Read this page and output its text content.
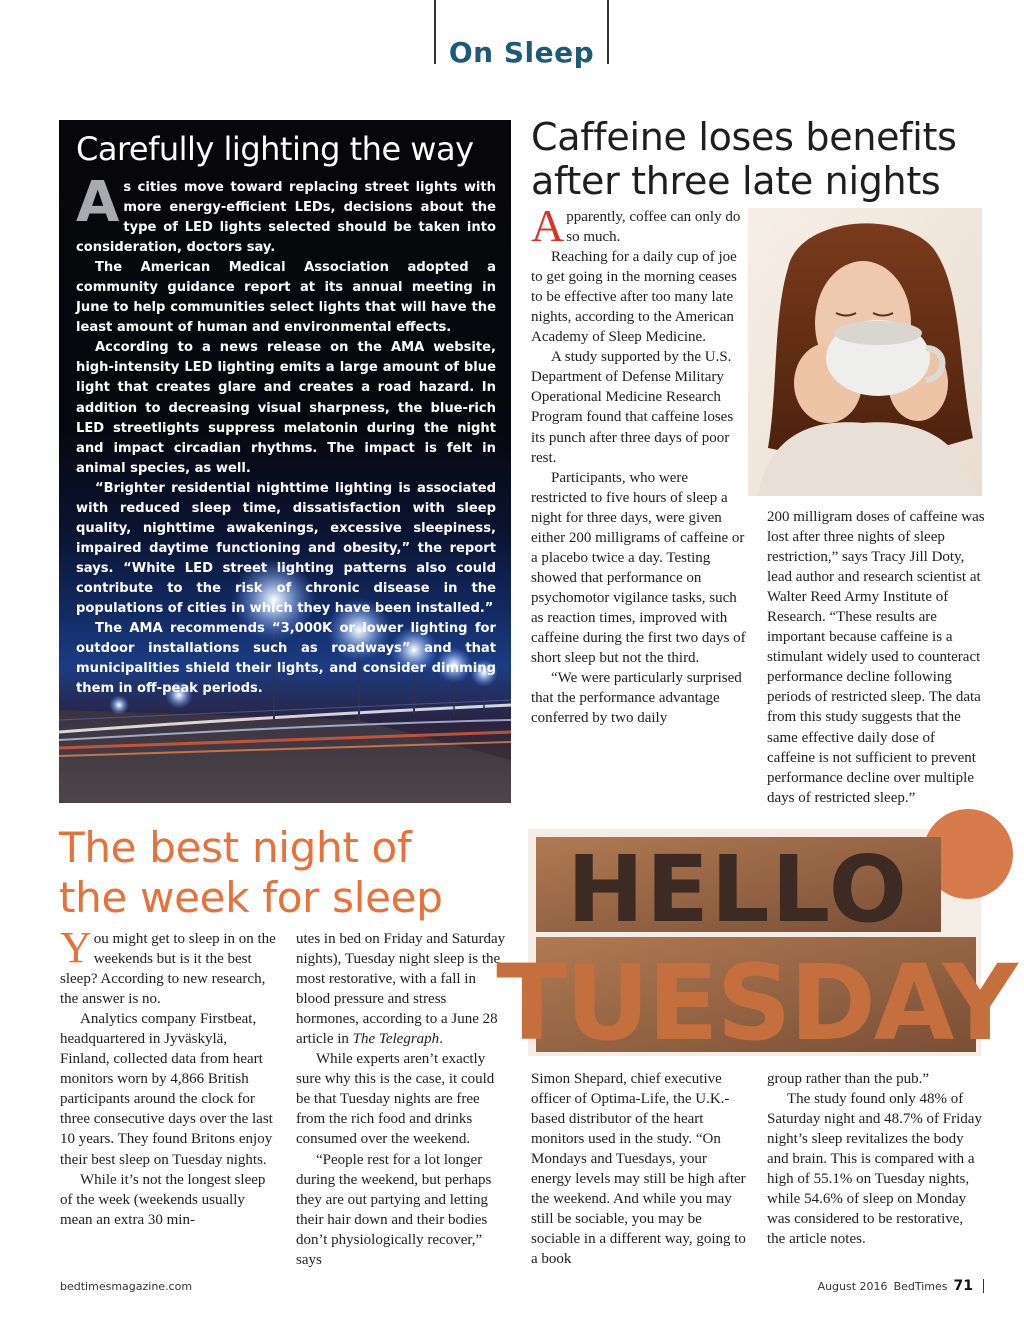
On Sleep
Carefully lighting the way

As cities move toward replacing street lights with more energy-efficient LEDs, decisions about the type of LED lights selected should be taken into consideration, doctors say.

The American Medical Association adopted a community guidance report at its annual meeting in June to help communities select lights that will have the least amount of human and environmental effects.

According to a news release on the AMA website, high-intensity LED lighting emits a large amount of blue light that creates glare and creates a road hazard. In addition to decreasing visual sharpness, the blue-rich LED streetlights suppress melatonin during the night and impact circadian rhythms. The impact is felt in animal species, as well.

“Brighter residential nighttime lighting is associated with reduced sleep time, dissatisfaction with sleep quality, nighttime awakenings, excessive sleepiness, impaired daytime functioning and obesity,” the report says. “White LED street lighting patterns also could contribute to the risk of chronic disease in the populations of cities in which they have been installed.”

The AMA recommends “3,000K or lower lighting for outdoor installations such as roadways” and that municipalities shield their lights, and consider dimming them in off-peak periods.

Caffeine loses benefits
after three late nights

Apparently, coffee can only do so much.

Reaching for a daily cup of joe to get going in the morning ceases to be effective after too many late nights, according to the American Academy of Sleep Medicine.

A study supported by the U.S. Department of Defense Military Operational Medicine Research Program found that caffeine loses its punch after three days of poor rest.

Participants, who were restricted to five hours of sleep a night for three days, were given either 200 milligrams of caffeine or a placebo twice a day. Testing showed that performance on psychomotor vigilance tasks, such as reaction times, improved with caffeine during the first two days of short sleep but not the third.

“We were particularly surprised that the performance advantage conferred by two daily

200 milligram doses of caffeine was lost after three nights of sleep restriction,” says Tracy Jill Doty, lead author and research scientist at Walter Reed Army Institute of Research. “These results are important because caffeine is a stimulant widely used to counteract performance decline following periods of restricted sleep. The data from this study suggests that the same effective daily dose of caffeine is not sufficient to prevent performance decline over multiple days of restricted sleep.”

The best night of
the week for sleep

You might get to sleep in on the weekends but is it the best sleep? According to new research, the answer is no.

Analytics company Firstbeat, headquartered in Jyväskylä, Finland, collected data from heart monitors worn by 4,866 British participants around the clock for three consecutive days over the last 10 years. They found Britons enjoy their best sleep on Tuesday nights.

While it’s not the longest sleep of the week (weekends usually mean an extra 30 min-

utes in bed on Friday and Saturday nights), Tuesday night sleep is the most restorative, with a fall in blood pressure and stress hormones, according to a June 28 article in The Telegraph.

While experts aren’t exactly sure why this is the case, it could be that Tuesday nights are free from the rich food and drinks consumed over the weekend.

“People rest for a lot longer during the weekend, but perhaps they are out partying and letting their hair down and their bodies don’t physiologically recover,” says

Simon Shepard, chief executive officer of Optima-Life, the U.K.-based distributor of the heart monitors used in the study. “On Mondays and Tuesdays, your energy levels may still be high after the weekend. And while you may still be sociable, you may be sociable in a different way, going to a book

group rather than the pub.”

The study found only 48% of Saturday night and 48.7% of Friday night’s sleep revitalizes the body and brain. This is compared with a high of 55.1% on Tuesday nights, while 54.6% of sleep on Monday was considered to be restorative, the article notes.

HELLO
TUESDAY
bedtimesmagazine.com	August 2016 BedTimes 71
